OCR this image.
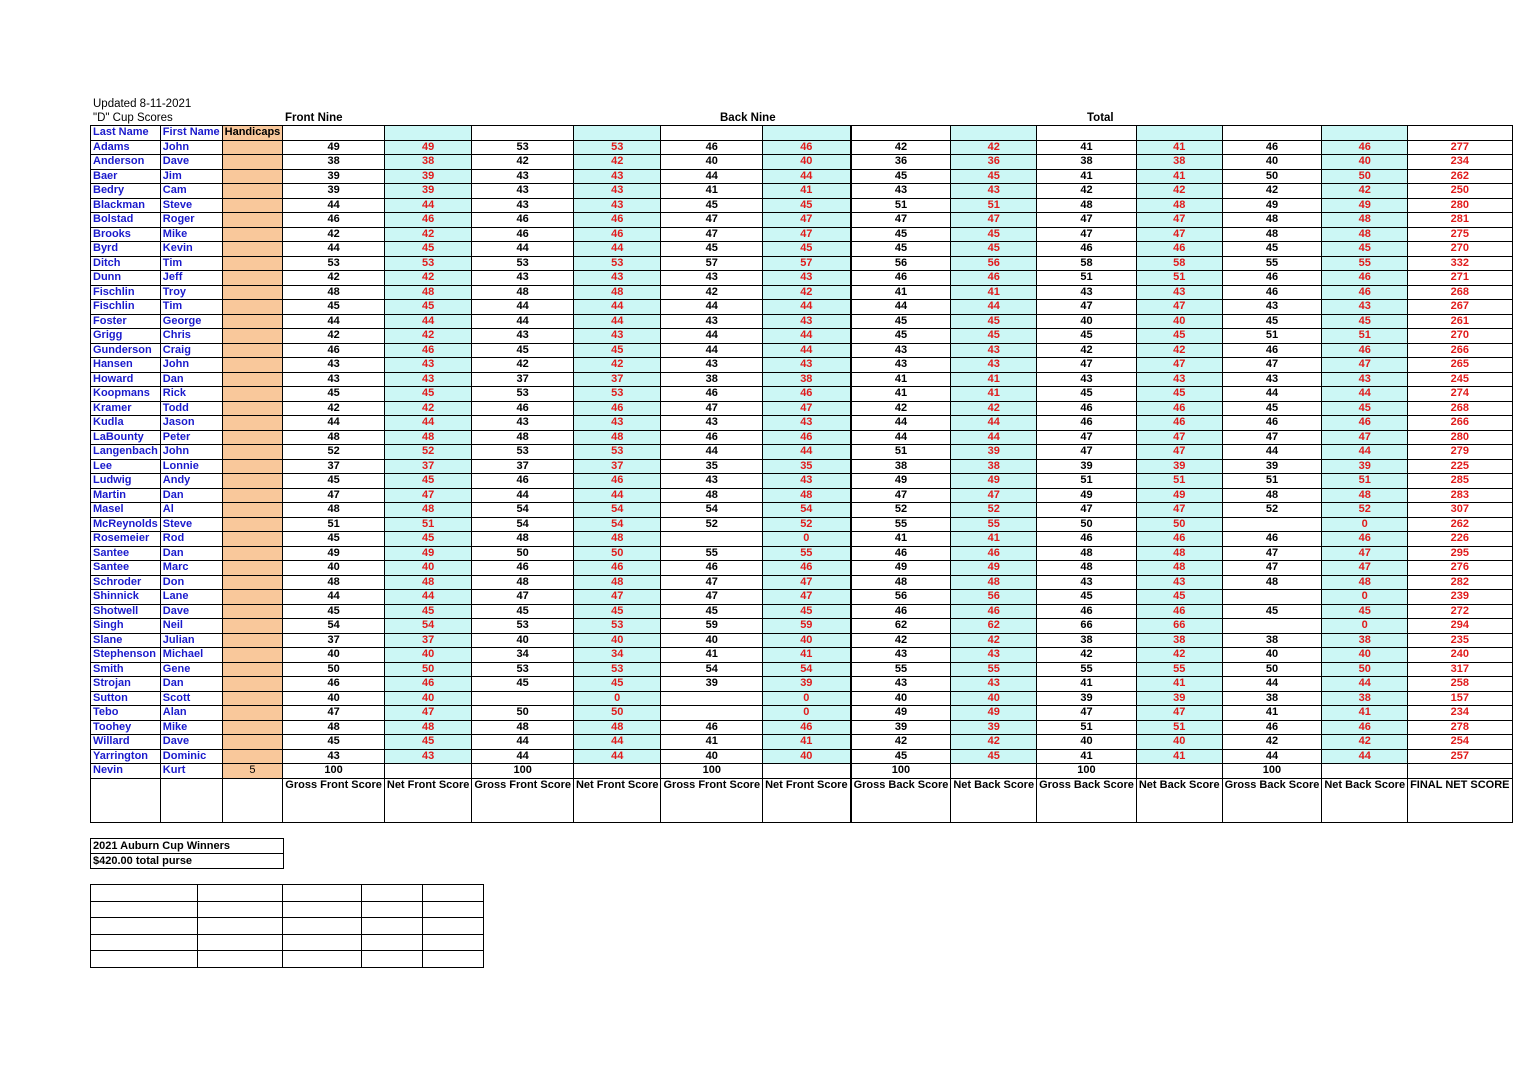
Updated 8-11-2021
"D" Cup Scores	Front Nine	Back Nine	Total
Last Name	First Name	Handicaps														
Adams	John		49	49	53	53	46	46		42	42	41	41	46	46	277
Anderson	Dave		38	38	42	42	40	40		36	36	38	38	40	40	234
Baer	Jim		39	39	43	43	44	44		45	45	41	41	50	50	262
Bedry	Cam		39	39	43	43	41	41		43	43	42	42	42	42	250
Blackman	Steve		44	44	43	43	45	45		51	51	48	48	49	49	280
Bolstad	Roger		46	46	46	46	47	47		47	47	47	47	48	48	281
Brooks	Mike		42	42	46	46	47	47		45	45	47	47	48	48	275
Byrd	Kevin		44	45	44	44	45	45		45	45	46	46	45	45	270
Ditch	Tim		53	53	53	53	57	57		56	56	58	58	55	55	332
Dunn	Jeff		42	42	43	43	43	43		46	46	51	51	46	46	271
Fischlin	Troy		48	48	48	48	42	42		41	41	43	43	46	46	268
Fischlin	Tim		45	45	44	44	44	44		44	44	47	47	43	43	267
Foster	George		44	44	44	44	43	43		45	45	40	40	45	45	261
Grigg	Chris		42	42	43	43	44	44		45	45	45	45	51	51	270
Gunderson	Craig		46	46	45	45	44	44		43	43	42	42	46	46	266
Hansen	John		43	43	42	42	43	43		43	43	47	47	47	47	265
Howard	Dan		43	43	37	37	38	38		41	41	43	43	43	43	245
Koopmans	Rick		45	45	53	53	46	46		41	41	45	45	44	44	274
Kramer	Todd		42	42	46	46	47	47		42	42	46	46	45	45	268
Kudla	Jason		44	44	43	43	43	43		44	44	46	46	46	46	266
LaBounty	Peter		48	48	48	48	46	46		44	44	47	47	47	47	280
Langenbach	John		52	52	53	53	44	44		51	39	47	47	44	44	279
Lee	Lonnie		37	37	37	37	35	35		38	38	39	39	39	39	225
Ludwig	Andy		45	45	46	46	43	43		49	49	51	51	51	51	285
Martin	Dan		47	47	44	44	48	48		47	47	49	49	48	48	283
Masel	Al		48	48	54	54	54	54		52	52	47	47	52	52	307
McReynolds	Steve		51	51	54	54	52	52		55	55	50	50		0	262
Rosemeier	Rod		45	45	48	48		0		41	41	46	46	46	46	226
Santee	Dan		49	49	50	50	55	55		46	46	48	48	47	47	295
Santee	Marc		40	40	46	46	46	46		49	49	48	48	47	47	276
Schroder	Don		48	48	48	48	47	47		48	48	43	43	48	48	282
Shinnick	Lane		44	44	47	47	47	47		56	56	45	45		0	239
Shotwell	Dave		45	45	45	45	45	45		46	46	46	46	45	45	272
Singh	Neil		54	54	53	53	59	59		62	62	66	66		0	294
Slane	Julian		37	37	40	40	40	40		42	42	38	38	38	38	235
Stephenson	Michael		40	40	34	34	41	41		43	43	42	42	40	40	240
Smith	Gene		50	50	53	53	54	54		55	55	55	55	50	50	317
Strojan	Dan		46	46	45	45	39	39		43	43	41	41	44	44	258
Sutton	Scott		40	40		0		0		40	40	39	39	38	38	157
Tebo	Alan		47	47	50	50		0		49	49	47	47	41	41	234
Toohey	Mike		48	48	48	48	46	46		39	39	51	51	46	46	278
Willard	Dave		45	45	44	44	41	41		42	42	40	40	42	42	254
Yarrington	Dominic		43	43	44	44	40	40		45	45	41	41	44	44	257
Nevin	Kurt	5	100		100		100			100		100		100		
			Gross Front Score	Net Front Score	Gross Front Score	Net Front Score	Gross Front Score	Net Front Score		Gross Back Score	Net Back Score	Gross Back Score	Net Back Score	Gross Back Score	Net Back Score	FINAL NET SCORE
2021 Auburn Cup Winners
$420.00 total purse
